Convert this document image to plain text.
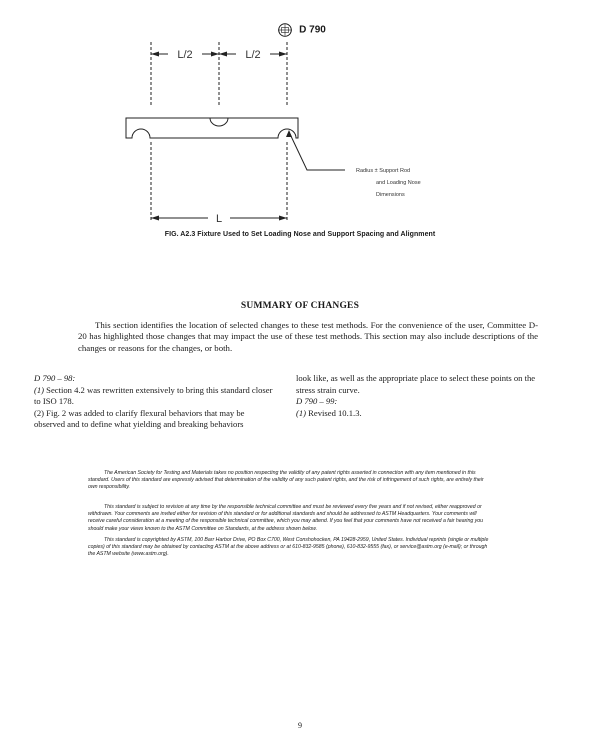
D 790
L/2	L/2
L
Radius ± Support Rod
and Loading Nose
Dimensions
FIG. A2.3 Fixture Used to Set Loading Nose and Support Spacing and Alignment
SUMMARY OF CHANGES

This section identifies the location of selected changes to these test methods. For the convenience of the user, Committee D-20 has highlighted those changes that may impact the use of these test methods. This section may also include descriptions of the changes or reasons for the changes, or both.

D 790 – 98:

(1) Section 4.2 was rewritten extensively to bring this standard closer to ISO 178.

(2) Fig. 2 was added to clarify flexural behaviors that may be observed and to define what yielding and breaking behaviors

look like, as well as the appropriate place to select these points on the stress strain curve.

D 790 – 99:

(1) Revised 10.1.3.

The American Society for Testing and Materials takes no position respecting the validity of any patent rights asserted in connection with any item mentioned in this standard. Users of this standard are expressly advised that determination of the validity of any such patent rights, and the risk of infringement of such rights, are entirely their own responsibility.

This standard is subject to revision at any time by the responsible technical committee and must be reviewed every five years and if not revised, either reapproved or withdrawn. Your comments are invited either for revision of this standard or for additional standards and should be addressed to ASTM Headquarters. Your comments will receive careful consideration at a meeting of the responsible technical committee, which you may attend. If you feel that your comments have not received a fair hearing you should make your views known to the ASTM Committee on Standards, at the address shown below.

This standard is copyrighted by ASTM, 100 Barr Harbor Drive, PO Box C700, West Conshohocken, PA 19428-2959, United States. Individual reprints (single or multiple copies) of this standard may be obtained by contacting ASTM at the above address or at 610-832-9585 (phone), 610-832-9555 (fax), or service@astm.org (e-mail); or through the ASTM website (www.astm.org).

9
